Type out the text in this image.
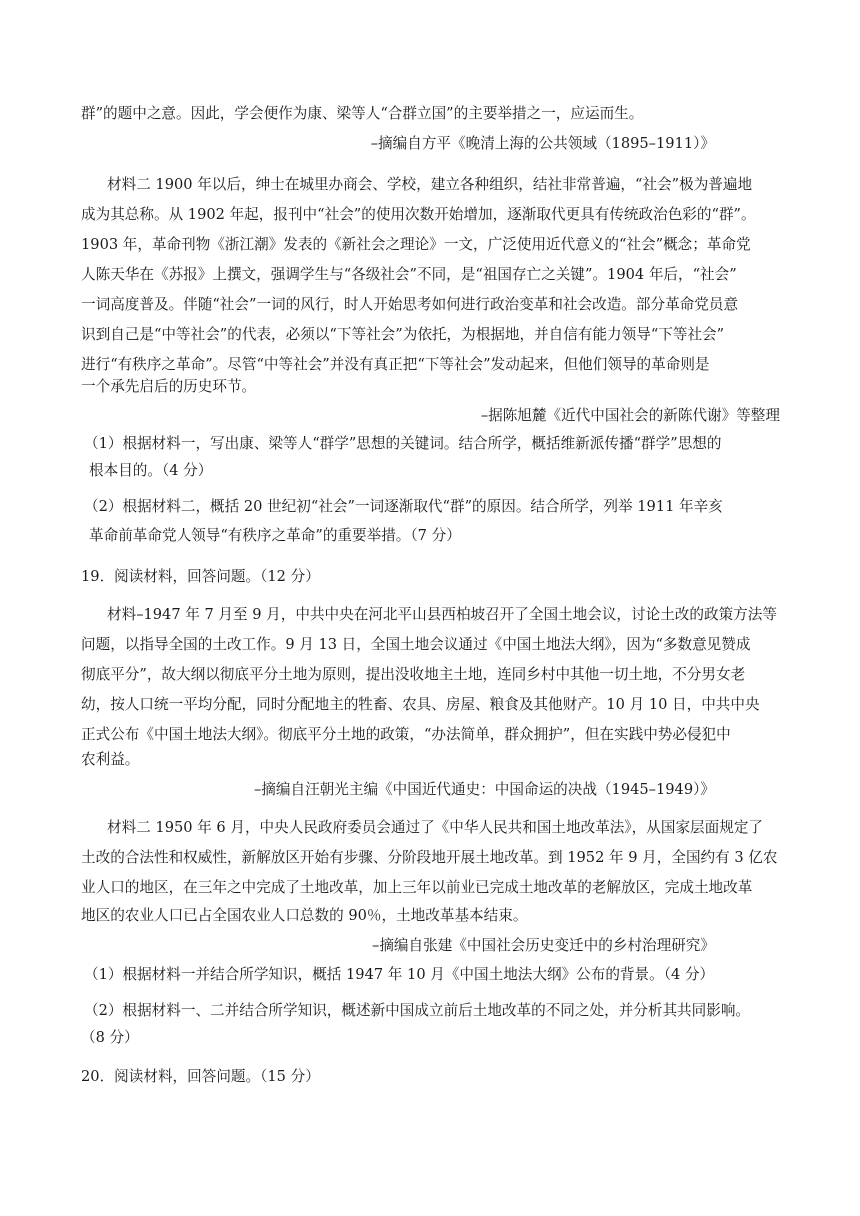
群”的题中之意。因此，学会便作为康、梁等人“合群立国”的主要举措之一，应运而生。
–摘编自方平《晚清上海的公共领域（1895–1911）》
材料二 1900 年以后，绅士在城里办商会、学校，建立各种组织，结社非常普遍，“社会”极为普遍地
成为其总称。从 1902 年起，报刊中“社会”的使用次数开始增加，逐渐取代更具有传统政治色彩的“群”。
1903 年，革命刊物《浙江潮》发表的《新社会之理论》一文，广泛使用近代意义的“社会”概念；革命党
人陈天华在《苏报》上撰文，强调学生与“各级社会”不同，是“祖国存亡之关键”。1904 年后，“社会”
一词高度普及。伴随“社会”一词的风行，时人开始思考如何进行政治变革和社会改造。部分革命党员意
识到自己是“中等社会”的代表，必须以“下等社会”为依托，为根据地，并自信有能力领导“下等社会”
进行“有秩序之革命”。尽管“中等社会”并没有真正把“下等社会”发动起来，但他们领导的革命则是
一个承先启后的历史环节。
–据陈旭麓《近代中国社会的新陈代谢》等整理
（1）根据材料一，写出康、梁等人“群学”思想的关键词。结合所学，概括维新派传播“群学”思想的
根本目的。（4 分）
（2）根据材料二，概括 20 世纪初“社会”一词逐渐取代“群”的原因。结合所学，列举 1911 年辛亥
革命前革命党人领导“有秩序之革命”的重要举措。（7 分）
19．阅读材料，回答问题。（12 分）
材料–1947 年 7 月至 9 月，中共中央在河北平山县西柏坡召开了全国土地会议，讨论土改的政策方法等
问题，以指导全国的土改工作。9 月 13 日，全国土地会议通过《中国土地法大纲》，因为“多数意见赞成
彻底平分”，故大纲以彻底平分土地为原则，提出没收地主土地，连同乡村中其他一切土地，不分男女老
幼，按人口统一平均分配，同时分配地主的牲畜、农具、房屋、粮食及其他财产。10 月 10 日，中共中央
正式公布《中国土地法大纲》。彻底平分土地的政策，“办法简单，群众拥护”，但在实践中势必侵犯中
农利益。
–摘编自汪朝光主编《中国近代通史：中国命运的决战（1945–1949）》
材料二 1950 年 6 月，中央人民政府委员会通过了《中华人民共和国土地改革法》，从国家层面规定了
土改的合法性和权威性，新解放区开始有步骤、分阶段地开展土地改革。到 1952 年 9 月，全国约有 3 亿农
业人口的地区，在三年之中完成了土地改革，加上三年以前业已完成土地改革的老解放区，完成土地改革
地区的农业人口已占全国农业人口总数的 90％，土地改革基本结束。
–摘编自张建《中国社会历史变迁中的乡村治理研究》
（1）根据材料一并结合所学知识，概括 1947 年 10 月《中国土地法大纲》公布的背景。（4 分）
（2）根据材料一、二并结合所学知识，概述新中国成立前后土地改革的不同之处，并分析其共同影响。
（8 分）
20．阅读材料，回答问题。（15 分）
